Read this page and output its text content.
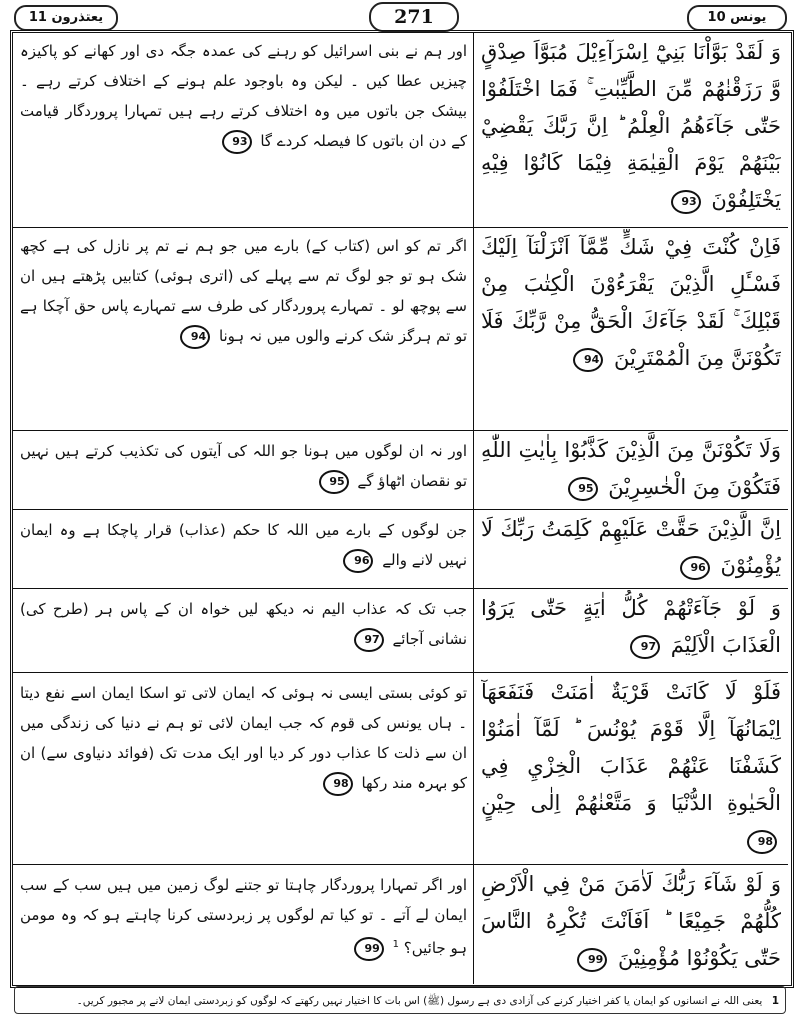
یعتذرون 11	271	یونس 10
وَ لَقَدْ بَوَّاْنَا بَنِيْٓ اِسْرَآءِيْلَ مُبَوَّاَ صِدْقٍ وَّ رَزَقْنٰهُمْ مِّنَ الطَّيِّبٰتِ ۚ فَمَا اخْتَلَفُوْا حَتّٰى جَآءَهُمُ الْعِلْمُ ؕ اِنَّ رَبَّكَ يَقْضِيْ بَيْنَهُمْ يَوْمَ الْقِيٰمَةِ فِيْمَا كَانُوْا فِيْهِ يَخْتَلِفُوْنَ 93
اور ہم نے بنی اسرائیل کو رہنے کی عمدہ جگہ دی اور کھانے کو پاکیزہ چیزیں عطا کیں ۔ لیکن وہ باوجود علم ہونے کے اختلاف کرتے رہے ۔ بیشک جن باتوں میں وہ اختلاف کرتے رہے ہیں تمہارا پروردگار قیامت کے دن ان باتوں کا فیصلہ کردے گا 93
فَاِنْ كُنْتَ فِيْ شَكٍّ مِّمَّآ اَنْزَلْنَآ اِلَيْكَ فَسْـَٔلِ الَّذِيْنَ يَقْرَءُوْنَ الْكِتٰبَ مِنْ قَبْلِكَ ۚ لَقَدْ جَآءَكَ الْحَقُّ مِنْ رَّبِّكَ فَلَا تَكُوْنَنَّ مِنَ الْمُمْتَرِيْنَ 94
اگر تم کو اس (کتاب کے) بارے میں جو ہم نے تم پر نازل کی ہے کچھ شک ہو تو جو لوگ تم سے پہلے کی (اتری ہوئی) کتابیں پڑھتے ہیں ان سے پوچھ لو ۔ تمہارے پروردگار کی طرف سے تمہارے پاس حق آچکا ہے تو تم ہرگز شک کرنے والوں میں نہ ہونا 94
وَلَا تَكُوْنَنَّ مِنَ الَّذِيْنَ كَذَّبُوْا بِاٰيٰتِ اللّٰهِ فَتَكُوْنَ مِنَ الْخٰسِرِيْنَ 95
اور نہ ان لوگوں میں ہونا جو اللہ کی آیتوں کی تکذیب کرتے ہیں نہیں تو نقصان اٹھاؤ گے 95
اِنَّ الَّذِيْنَ حَقَّتْ عَلَيْهِمْ كَلِمَتُ رَبِّكَ لَا يُؤْمِنُوْنَ 96
جن لوگوں کے بارے میں اللہ کا حکم (عذاب) قرار پاچکا ہے وہ ایمان نہیں لانے والے 96
وَ لَوْ جَآءَتْهُمْ كُلُّ اٰيَةٍ حَتّٰى يَرَوُا الْعَذَابَ الْاَلِيْمَ 97
جب تک کہ عذاب الیم نہ دیکھ لیں خواہ ان کے پاس ہر (طرح کی) نشانی آجائے 97
فَلَوْ لَا كَانَتْ قَرْيَةٌ اٰمَنَتْ فَنَفَعَهَآ اِيْمَانُهَآ اِلَّا قَوْمَ يُوْنُسَ ؕ لَمَّآ اٰمَنُوْا كَشَفْنَا عَنْهُمْ عَذَابَ الْخِزْيِ فِي الْحَيٰوةِ الدُّنْيَا وَ مَتَّعْنٰهُمْ اِلٰى حِيْنٍ 98
تو کوئی بستی ایسی نہ ہوئی کہ ایمان لاتی تو اسکا ایمان اسے نفع دیتا ۔ ہاں یونس کی قوم کہ جب ایمان لائی تو ہم نے دنیا کی زندگی میں ان سے ذلت کا عذاب دور کر دیا اور ایک مدت تک (فوائد دنیاوی سے) ان کو بہرہ مند رکھا 98
وَ لَوْ شَآءَ رَبُّكَ لَاٰمَنَ مَنْ فِي الْاَرْضِ كُلُّهُمْ جَمِيْعًا ؕ اَفَاَنْتَ تُكْرِهُ النَّاسَ حَتّٰى يَكُوْنُوْا مُؤْمِنِيْنَ 99
اور اگر تمہارا پروردگار چاہتا تو جتنے لوگ زمین میں ہیں سب کے سب ایمان لے آتے ۔ تو کیا تم لوگوں پر زبردستی کرنا چاہتے ہو کہ وہ مومن ہو جائیں؟ $^1$ 99
1 یعنی اللہ نے انسانوں کو ایمان یا کفر اختیار کرنے کی آزادی دی ہے رسول (ﷺ) اس بات کا اختیار نہیں رکھتے کہ لوگوں کو زبردستی ایمان لانے پر مجبور کریں۔
